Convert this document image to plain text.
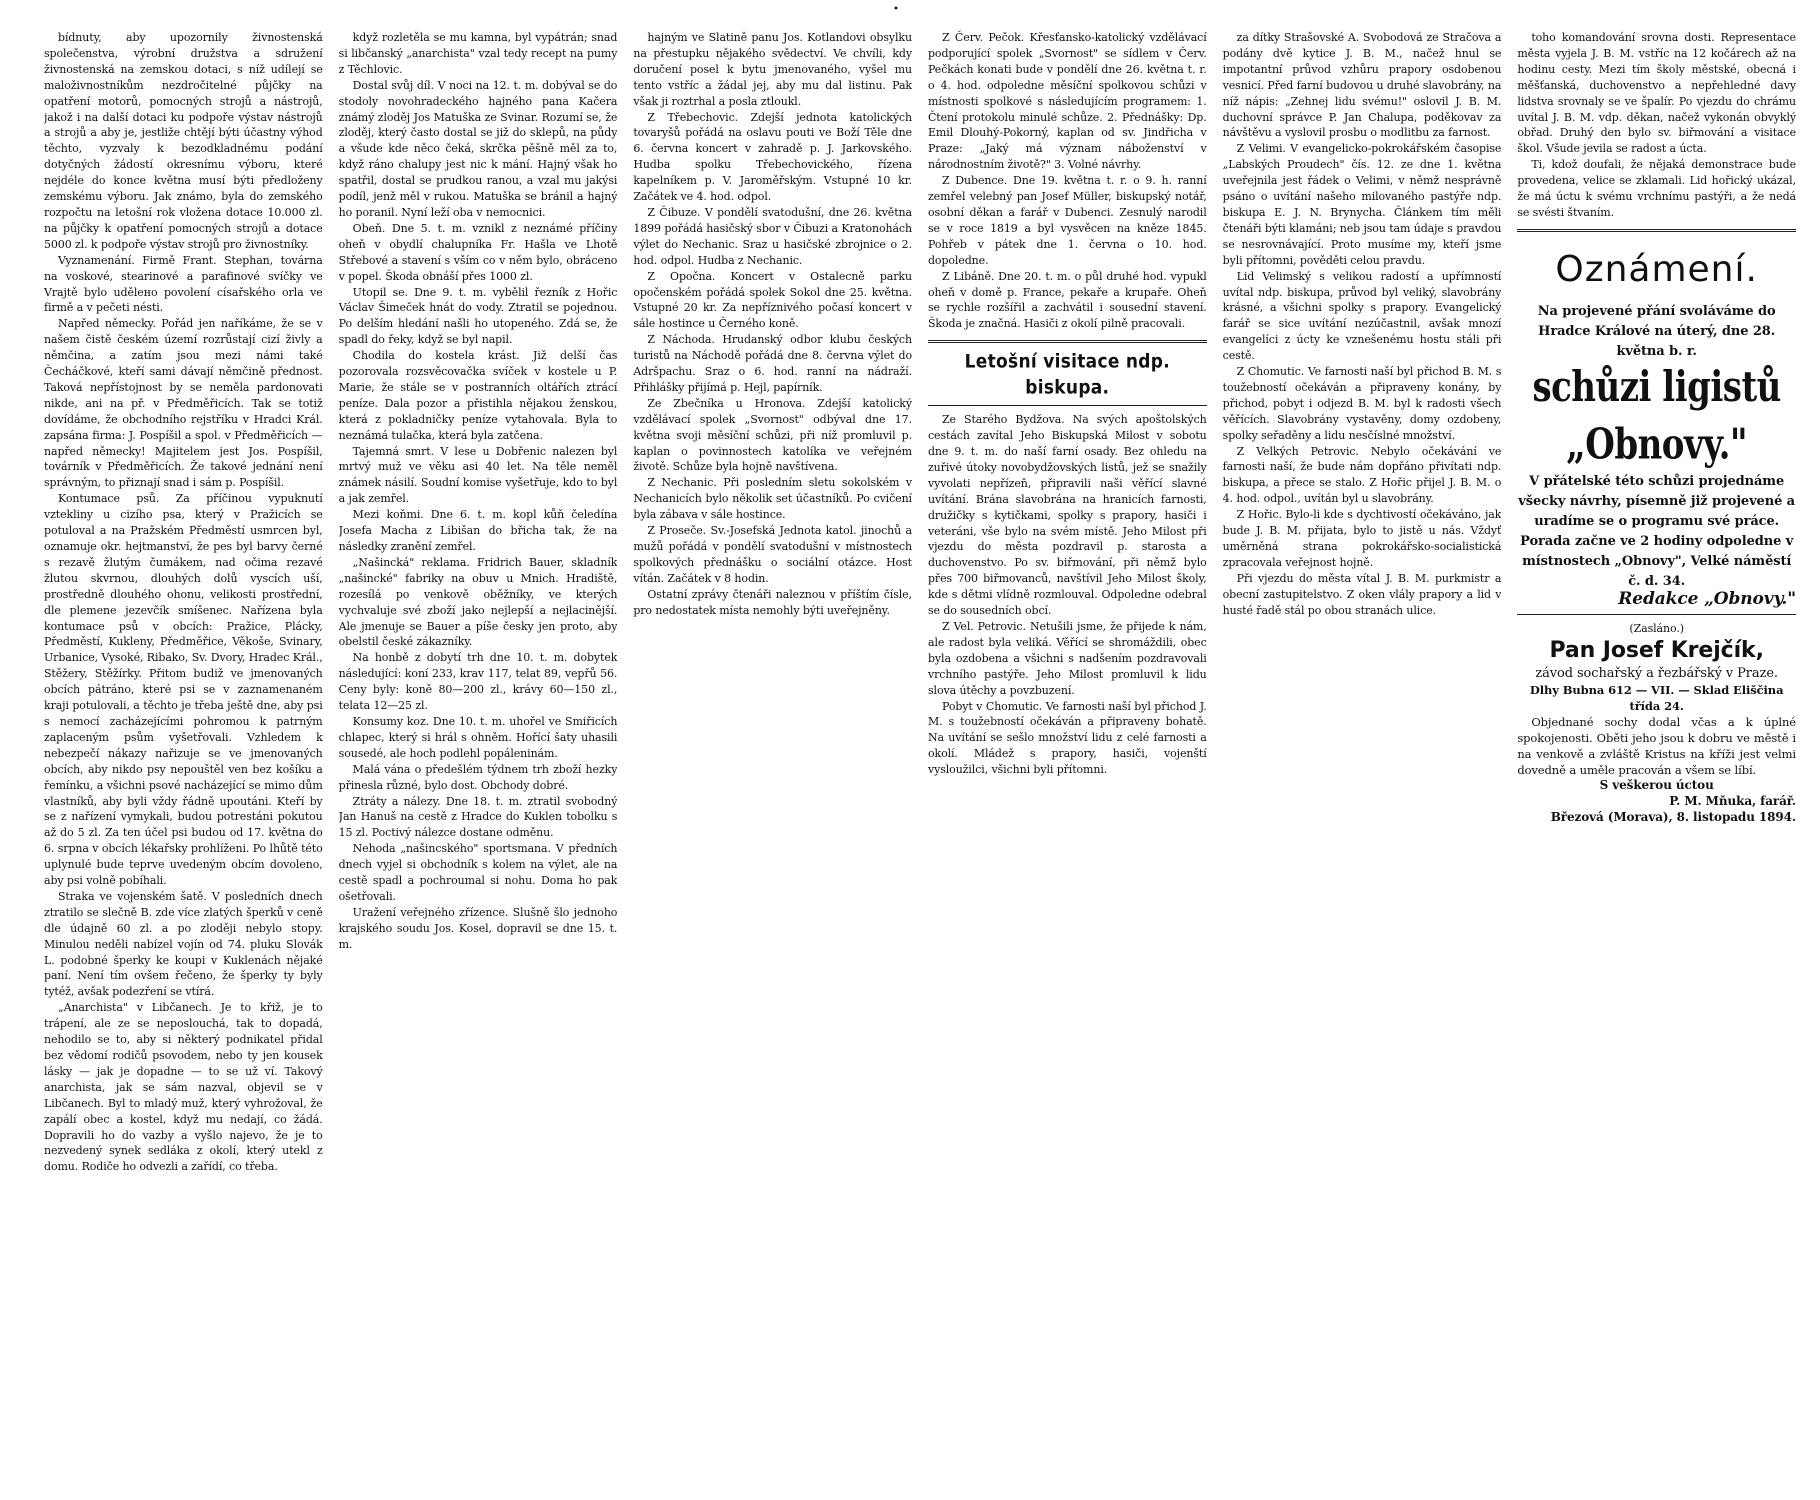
•

bídnuty, aby upozornily živnostenská společenstva, výrobní družstva a sdružení živnostenská na zemskou dotaci, s níž udílejí se maloživnostníkům nezdročitelné půjčky na opatření motorů, pomocných strojů a nástrojů, jakož i na další dotaci ku podpoře výstav nástrojů a strojů a aby je, jestliže chtějí býti účastny výhod těchto, vyzvaly k bezodkladnému podání dotyčných žádostí okresnímu výboru, které nejdéle do konce května musí býti předloženy zemskému výboru. Jak známo, byla do zemského rozpočtu na letošní rok vložena dotace 10.000 zl. na půjčky k opatření pomocných strojů a dotace 5000 zl. k podpoře výstav strojů pro živnostníky.

Vyznamenání. Firmě Frant. Stephan, továrna na voskové, stearinové a parafinové svíčky ve Vrajtě bylo udělено povolení císařského orla ve firmě a v pečeti nésti.

Napřed německy. Pořád jen naříkáme, že se v našem čistě českém území rozrůstají cizí živly a němčina, a zatím jsou mezi námi také Čecháčkové, kteří sami dávají němčině přednost. Taková nepřístojnost by se neměla pardonovati nikde, ani na př. v Předměřicích. Tak se totiž dovídáme, že obchodního rejstříku v Hradci Král. zapsána firma: J. Pospíšil a spol. v Předměřicích — napřed německy! Majitelem jest Jos. Pospíšil, továrník v Předměřicích. Že takové jednání není správným, to přiznají snad i sám p. Pospíšil.

Kontumace psů. Za příčinou vypuknutí vztekliny u cizího psa, který v Pražicích se potuloval a na Pražském Předměstí usmrcen byl, oznamuje okr. hejtmanství, že pes byl barvy černé s rezavě žlutým čumákem, nad očima rezavé žlutou skvrnou, dlouhých dolů vyscích uší, prostředně dlouhého ohonu, velikosti prostřední, dle plemene jezevčík smíšenec. Nařízena byla kontumace psů v obcích: Pražice, Plácky, Předměstí, Kukleny, Předměřice, Věkoše, Svinary, Urbanice, Vysoké, Ribako, Sv. Dvory, Hradec Král., Stěžery, Stěžírky. Přitom budiž ve jmenovaných obcích pátráno, které psi se v zaznamenaném kraji potulovali, a těchto je třeba ještě dne, aby psi s nemocí zacházejícími pohromou k patrným zaplaceným psům vyšetřovali. Vzhledem k nebezpečí nákazy nařizuje se ve jmenovaných obcích, aby nikdo psy nepouštěl ven bez košíku a řemínku, a všichni psové nacházející se mimo dům vlastníků, aby byli vždy řádně upoutáni. Kteří by se z nařízení vymykali, budou potrestáni pokutou až do 5 zl. Za ten účel psi budou od 17. května do 6. srpna v obcích lékařsky prohlíženi. Po lhůtě této uplynulé bude teprve uvedeným obcím dovoleno, aby psi volně pobíhali.

Straka ve vojenském šatě. V posledních dnech ztratilo se slečně B. zde více zlatých šperků v ceně dle údajně 60 zl. a po zloději nebylo stopy. Minulou neděli nabízel vojín od 74. pluku Slovák L. podobné šperky ke koupi v Kuklenách nějaké paní. Není tím ovšem řečeno, že šperky ty byly tytéž, avšak podezření se vtírá.

„Anarchista" v Libčanech. Je to křiž, je to trápení, ale ze se neposlouchá, tak to dopadá, nehodilo se to, aby si některý podnikatel přidal bez vědomí rodičů psovodem, nebo ty jen kousek lásky — jak je dopadne — to se už ví. Takový anarchista, jak se sám nazval, objevil se v Libčanech. Byl to mladý muž, který vyhrožoval, že zapálí obec a kostel, když mu nedají, co žádá. Dopravili ho do vazby a vyšlo najevo, že je to nezvedený synek sedláka z okolí, který utekl z domu. Rodiče ho odvezli a zařídí, co třeba.

když rozletěla se mu kamna, byl vypátrán; snad si libčanský „anarchista" vzal tedy recept na pumy z Těchlovic.

Dostal svůj díl. V noci na 12. t. m. dobýval se do stodoly novohradeckého hajného pana Kačera známý zloděj Jos Matuška ze Svinar. Rozumí se, že zloděj, který často dostal se již do sklepů, na půdy a všude kde něco čeká, skrčka pěšně měl za to, když ráno chalupy jest nic k mání. Hajný však ho spatřil, dostal se prudkou ranou, a vzal mu jakýsi podíl, jenž měl v rukou. Matuška se bránil a hajný ho poranil. Nyní leží oba v nemocnici.

Obeň. Dne 5. t. m. vznikl z neznámé příčiny oheň v obydlí chalupníka Fr. Hašla ve Lhotě Střebové a stavení s vším co v něm bylo, obráceno v popel. Škoda obnáší přes 1000 zl.

Utopil se. Dne 9. t. m. vybělil řezník z Hořic Václav Šimeček hnát do vody. Ztratil se pojednou. Po delším hledání našli ho utopeného. Zdá se, že spadl do řeky, když se byl napil.

Chodila do kostela krást. Již delší čas pozorovala rozsvěcovačka svíček v kostele u P. Marie, že stále se v postranních oltářích ztrácí peníze. Dala pozor a přistihla nějakou ženskou, která z pokladničky peníze vytahovala. Byla to neznámá tulačka, která byla zatčena.

Tajemná smrt. V lese u Dobřenic nalezen byl mrtvý muž ve věku asi 40 let. Na těle neměl známek násilí. Soudní komise vyšetřuje, kdo to byl a jak zemřel.

Mezi koňmi. Dne 6. t. m. kopl kůň čeledína Josefa Macha z Libišan do břicha tak, že na následky zranění zemřel.

„Našincká" reklama. Fridrich Bauer, skladník „našincké" fabriky na obuv u Mnich. Hradiště, rozesílá po venkově oběžníky, ve kterých vychvaluje své zboží jako nejlepší a nejlacinější. Ale jmenuje se Bauer a píše česky jen proto, aby obelstil české zákazníky.

Na honbě z dobytí trh dne 10. t. m. dobytek následující: koní 233, krav 117, telat 89, vepřů 56. Ceny byly: koně 80—200 zl., krávy 60—150 zl., telata 12—25 zl.

Konsumy koz. Dne 10. t. m. uhořel ve Smiřicích chlapec, který si hrál s ohněm. Hořící šaty uhasili sousedé, ale hoch podlehl popáleninám.

Malá vána o předešlém týdnem trh zboží hezky přinesla různé, bylo dost. Obchody dobré.

Ztráty a nálezy. Dne 18. t. m. ztratil svobodný Jan Hanuš na cestě z Hradce do Kuklen tobolku s 15 zl. Poctivý nálezce dostane odměnu.

Nehoda „našincského" sportsmana. V předních dnech vyjel si obchodník s kolem na výlet, ale na cestě spadl a pochroumal si nohu. Doma ho pak ošetřovali.

Uražení veřejného zřízence. Slušně šlo jednoho krajského soudu Jos. Kosel, dopravil se dne 15. t. m.

hajným ve Slatině panu Jos. Kotlandovi obsylku na přestupku nějakého svědectví. Ve chvíli, kdy doručení posel k bytu jmenovaného, vyšel mu tento vstříc a žádal jej, aby mu dal listinu. Pak však ji roztrhal a posla ztloukl.

Z Třebechovic. Zdejší jednota katolických tovaryšů pořádá na oslavu pouti ve Boží Těle dne 6. června koncert v zahradě p. J. Jarkovského. Hudba spolku Třebechovického, řízena kapelníkem p. V. Jaroměřským. Vstupné 10 kr. Začátek ve 4. hod. odpol.

Z Čibuze. V pondělí svatodušní, dne 26. května 1899 pořádá hasičský sbor v Čibuzi a Kratonohách výlet do Nechanic. Sraz u hasičské zbrojnice o 2. hod. odpol. Hudba z Nechanic.

Z Opočna. Koncert v Ostalecně parku opočenském pořádá spolek Sokol dne 25. května. Vstupné 20 kr. Za nepříznivého počasí koncert v sále hostince u Černého koně.

Z Náchoda. Hrudanský odbor klubu českých turistů na Náchodě pořádá dne 8. června výlet do Adršpachu. Sraz o 6. hod. ranní na nádraží. Přihlášky přijímá p. Hejl, papírník.

Ze Zbečníka u Hronova. Zdejší katolický vzdělávací spolek „Svornost" odbýval dne 17. května svoji měsíční schůzi, při níž promluvil p. kaplan o povinnostech katolíka ve veřejném životě. Schůze byla hojně navštívena.

Z Nechanic. Při posledním sletu sokolském v Nechanicích bylo několik set účastníků. Po cvičení byla zábava v sále hostince.

Z Proseče. Sv.-Josefská Jednota katol. jinochů a mužů pořádá v pondělí svatodušní v místnostech spolkových přednášku o sociální otázce. Host vítán. Začátek v 8 hodin.

Ostatní zprávy čtenáři naleznou v příštím čísle, pro nedostatek místa nemohly býti uveřejněny.

Z Červ. Pečok. Křesťansko-katolický vzdělávací podporující spolek „Svornost" se sídlem v Červ. Pečkách konati bude v pondělí dne 26. května t. r. o 4. hod. odpoledne měsíční spolkovou schůzi v místnosti spolkové s následujícím programem: 1. Čtení protokolu minulé schůze. 2. Přednášky: Dp. Emil Dlouhý-Pokorný, kaplan od sv. Jindřicha v Praze: „Jaký má význam náboženství v národnostním životě?" 3. Volné návrhy.

Z Dubence. Dne 19. května t. r. o 9. h. ranní zemřel velebný pan Josef Müller, biskupský notář, osobní děkan a farář v Dubenci. Zesnulý narodil se v roce 1819 a byl vysvěcen na kněze 1845. Pohřeb v pátek dne 1. června o 10. hod. dopoledne.

Z Libáně. Dne 20. t. m. o půl druhé hod. vypukl oheň v domě p. France, pekaře a krupaře. Oheň se rychle rozšířil a zachvátil i sousední stavení. Škoda je značná. Hasiči z okolí pilně pracovali.

Letošní visitace ndp. biskupa.

Ze Starého Bydžova. Na svých apoštolských cestách zavítal Jeho Biskupská Milost v sobotu dne 9. t. m. do naší farní osady. Bez ohledu na zuřivé útoky novobydžovských listů, jež se snažily vyvolati nepřízeň, připravili naši věřící slavné uvítání. Brána slavobrána na hranicích farnosti, družičky s kytičkami, spolky s prapory, hasiči i veteráni, vše bylo na svém místě. Jeho Milost při vjezdu do města pozdravil p. starosta a duchovenstvo. Po sv. biřmování, při němž bylo přes 700 biřmovanců, navštívil Jeho Milost školy, kde s dětmi vlídně rozmlouval. Odpoledne odebral se do sousedních obcí.

Z Vel. Petrovic. Netušili jsme, že přijede k nám, ale radost byla veliká. Věřící se shromáždili, obec byla ozdobena a všichni s nadšením pozdravovali vrchního pastýře. Jeho Milost promluvil k lidu slova útěchy a povzbuzení.

Pobyt v Chomutic. Ve farnosti naší byl přichod J. M. s toužebností očekáván a připraveny bohatě. Na uvítání se sešlo množství lidu z celé farnosti a okolí. Mládež s prapory, hasiči, vojenští vysloužilci, všichni byli přítomni.

za dítky Strašovské A. Svobodová ze Stračova a podány dvě kytice J. B. M., načež hnul se impotantní průvod vzhůru prapory osdobenou vesnicí. Před farní budovou u druhé slavobrány, na níž nápis: „Zehnej lidu svému!" oslovil J. B. M. duchovní správce P. Jan Chalupa, poděkovav za návštěvu a vyslovil prosbu o modlitbu za farnost.

Z Velimi. V evangelicko-pokrokářském časopise „Labských Proudech" čís. 12. ze dne 1. května uveřejnila jest řádek o Velimi, v němž nesprávně psáno o uvítání našeho milovaného pastýře ndp. biskupa E. J. N. Brynycha. Článkem tím měli čtenáři býti klamáni; neb jsou tam údaje s pravdou se nesrovnávající. Proto musíme my, kteří jsme byli přítomni, pověděti celou pravdu.

Lid Velimský s velikou radostí a upřímností uvítal ndp. biskupa, průvod byl veliký, slavobrány krásné, a všichni spolky s prapory. Evangelický farář se sice uvítání nezúčastnil, avšak mnozí evangelíci z úcty ke vznešenému hostu stáli při cestě.

Z Chomutic. Ve farnosti naší byl přichod B. M. s toužebností očekáván a připraveny konány, by přichod, pobyt i odjezd B. M. byl k radosti všech věřících. Slavobrány vystavěny, domy ozdobeny, spolky seřaděny a lidu nesčíslné množství.

Z Velkých Petrovic. Nebylo očekávání ve farnosti naší, že bude nám dopřáno přivítati ndp. biskupa, a přece se stalo. Z Hořic přijel J. B. M. o 4. hod. odpol., uvítán byl u slavobrány.

Z Hořic. Bylo-li kde s dychtivostí očekáváno, jak bude J. B. M. přijata, bylo to jistě u nás. Vždyť uměrněná strana pokrokářsko-socialistická zpracovala veřejnost hojně.

Při vjezdu do města vítal J. B. M. purkmistr a obecní zastupitelstvo. Z oken vlály prapory a lid v husté řadě stál po obou stranách ulice.

toho komandování srovna dosti. Representace města vyjela J. B. M. vstříc na 12 kočárech až na hodinu cesty. Mezi tím školy městské, obecná i měšťanská, duchovenstvo a nepřehledné davy lidstva srovnaly se ve špalír. Po vjezdu do chrámu uvítal J. B. M. vdp. děkan, načež vykonán obvyklý obřad. Druhý den bylo sv. biřmování a visitace škol. Všude jevila se radost a úcta.

Ti, kdož doufali, že nějaká demonstrace bude provedena, velice se zklamali. Lid hořický ukázal, že má úctu k svému vrchnímu pastýři, a že nedá se svésti štvaním.

Oznámení.

Na projevené přání svoláváme do

Hradce Králové na úterý, dne 28. května b. r.

schůzi ligistů „Obnovy."

V přátelské této schůzi projednáme všecky návrhy, písemně již projevené a uradíme se o programu své práce.

Porada začne ve 2 hodiny odpoledne v místnostech „Obnovy", Velké náměstí č. d. 34.

Redakce „Obnovy."

(Zasláno.)

Pan Josef Krejčík,

závod sochařský a řezbářský v Praze.

Dlhy Bubna 612 — VII. — Sklad Eliščina třída 24.

Objednané sochy dodal včas a k úplné spokojenosti. Oběti jeho jsou k dobru ve městě i na venkově a zvláště Kristus na kříži jest velmi dovedně a uměle pracován a všem se líbí.

S veškerou úctou

P. M. Mňuka, farář.

Březová (Morava), 8. listopadu 1894.
